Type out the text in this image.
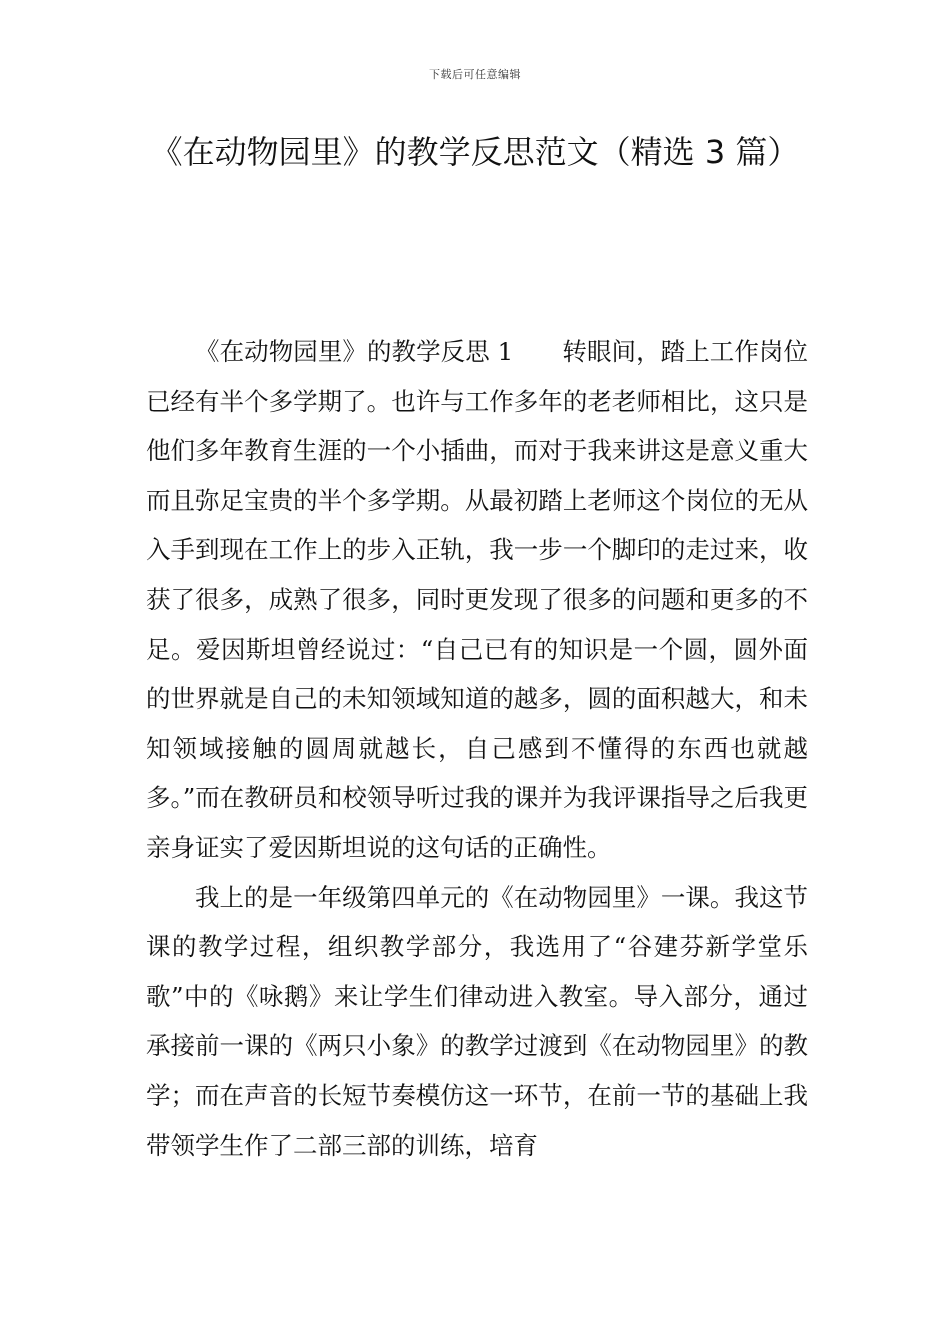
下载后可任意编辑
《在动物园里》的教学反思范文（精选 3 篇）

《在动物园里》的教学反思 1　　转眼间，踏上工作岗位已经有半个多学期了。也许与工作多年的老老师相比，这只是他们多年教育生涯的一个小插曲，而对于我来讲这是意义重大而且弥足宝贵的半个多学期。从最初踏上老师这个岗位的无从入手到现在工作上的步入正轨，我一步一个脚印的走过来，收获了很多，成熟了很多，同时更发现了很多的问题和更多的不足。爱因斯坦曾经说过：“自己已有的知识是一个圆，圆外面的世界就是自己的未知领域知道的越多，圆的面积越大，和未知领域接触的圆周就越长，自己感到不懂得的东西也就越多。”而在教研员和校领导听过我的课并为我评课指导之后我更亲身证实了爱因斯坦说的这句话的正确性。

我上的是一年级第四单元的《在动物园里》一课。我这节课的教学过程，组织教学部分，我选用了“谷建芬新学堂乐歌”中的《咏鹅》来让学生们律动进入教室。导入部分，通过承接前一课的《两只小象》的教学过渡到《在动物园里》的教学；而在声音的长短节奏模仿这一环节，在前一节的基础上我带领学生作了二部三部的训练，培育
